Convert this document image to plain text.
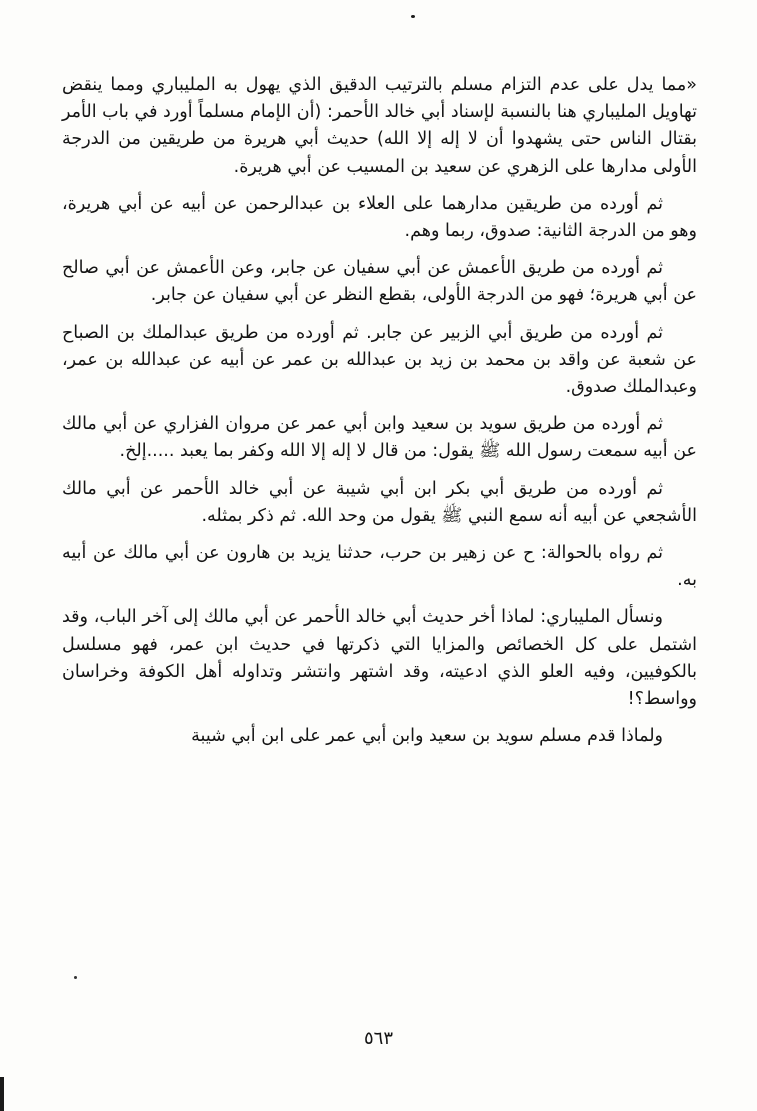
«مما يدل على عدم التزام مسلم بالترتيب الدقيق الذي يهول به المليباري ومما ينقض تهاويل المليباري هنا بالنسبة لإسناد أبي خالد الأحمر: (أن الإمام مسلماً أورد في باب الأمر بقتال الناس حتى يشهدوا أن لا إله إلا الله) حديث أبي هريرة من طريقين من الدرجة الأولى مدارها على الزهري عن سعيد بن المسيب عن أبي هريرة.

ثم أورده من طريقين مدارهما على العلاء بن عبدالرحمن عن أبيه عن أبي هريرة، وهو من الدرجة الثانية: صدوق، ربما وهم.

ثم أورده من طريق الأعمش عن أبي سفيان عن جابر، وعن الأعمش عن أبي صالح عن أبي هريرة؛ فهو من الدرجة الأولى، بقطع النظر عن أبي سفيان عن جابر.

ثم أورده من طريق أبي الزبير عن جابر. ثم أورده من طريق عبدالملك بن الصباح عن شعبة عن واقد بن محمد بن زيد بن عبدالله بن عمر عن أبيه عن عبدالله بن عمر، وعبدالملك صدوق.

ثم أورده من طريق سويد بن سعيد وابن أبي عمر عن مروان الفزاري عن أبي مالك عن أبيه سمعت رسول الله ﷺ يقول: من قال لا إله إلا الله وكفر بما يعبد .....إلخ.

ثم أورده من طريق أبي بكر ابن أبي شيبة عن أبي خالد الأحمر عن أبي مالك الأشجعي عن أبيه أنه سمع النبي ﷺ يقول من وحد الله. ثم ذكر بمثله.

ثم رواه بالحوالة: ح عن زهير بن حرب، حدثنا يزيد بن هارون عن أبي مالك عن أبيه به.

ونسأل المليباري: لماذا أخر حديث أبي خالد الأحمر عن أبي مالك إلى آخر الباب، وقد اشتمل على كل الخصائص والمزايا التي ذكرتها في حديث ابن عمر، فهو مسلسل بالكوفيين، وفيه العلو الذي ادعيته، وقد اشتهر وانتشر وتداوله أهل الكوفة وخراسان وواسط؟!

ولماذا قدم مسلم سويد بن سعيد وابن أبي عمر على ابن أبي شيبة

٥٦٣
